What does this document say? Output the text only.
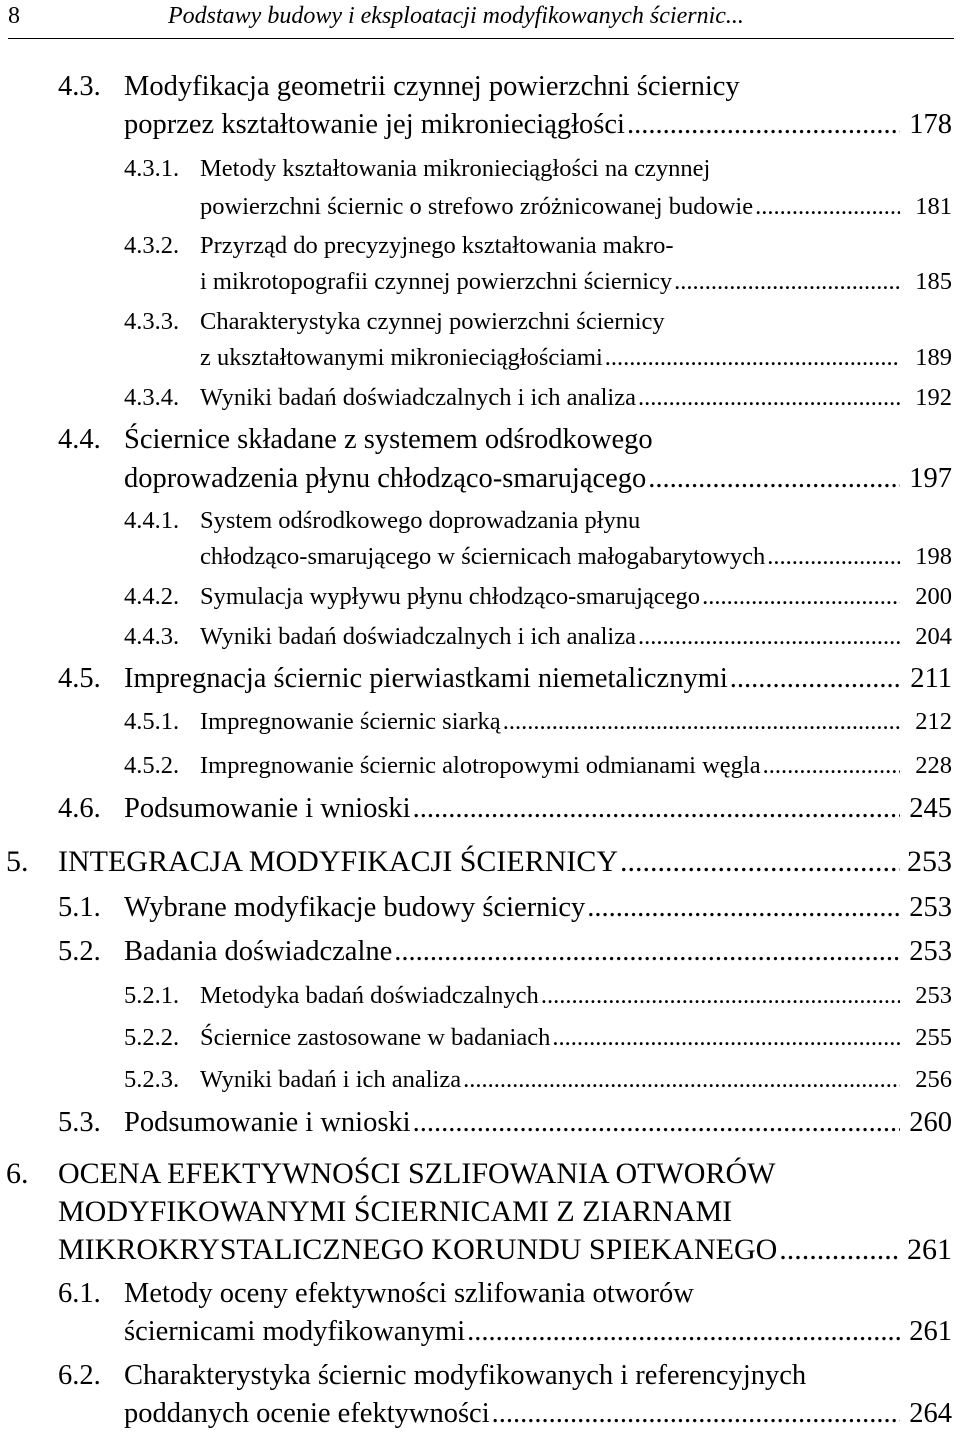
8	Podstawy budowy i eksploatacji modyfikowanych ściernic...
4.3. Modyfikacja geometrii czynnej powierzchni ściernicy
poprzez kształtowanie jej mikronieciągłości	178
.....
4.3.1. Metody kształtowania mikronieciągłości na czynnej
powierzchni ściernic o strefowo zróżnicowanej budowie	181
.....
4.3.2. Przyrząd do precyzyjnego kształtowania makro-
i mikrotopografii czynnej powierzchni ściernicy	185
.....
4.3.3. Charakterystyka czynnej powierzchni ściernicy
z ukształtowanymi mikronieciągłościami	189
.....
4.3.4. Wyniki badań doświadczalnych i ich analiza	192
.....
4.4. Ściernice składane z systemem odśrodkowego
doprowadzenia płynu chłodząco-smarującego	197
.....
4.4.1. System odśrodkowego doprowadzania płynu
chłodząco-smarującego w ściernicach małogabarytowych	198
.....
4.4.2. Symulacja wypływu płynu chłodząco-smarującego	200
.....
4.4.3. Wyniki badań doświadczalnych i ich analiza	204
.....
4.5. Impregnacja ściernic pierwiastkami niemetalicznymi	211
.....
4.5.1. Impregnowanie ściernic siarką	212
.....
4.5.2. Impregnowanie ściernic alotropowymi odmianami węgla	228
.....
4.6. Podsumowanie i wnioski	245
.....
5. INTEGRACJA MODYFIKACJI ŚCIERNICY	253
.....
5.1. Wybrane modyfikacje budowy ściernicy	253
.....
5.2. Badania doświadczalne	253
.....
5.2.1. Metodyka badań doświadczalnych	253
.....
5.2.2. Ściernice zastosowane w badaniach	255
.....
5.2.3. Wyniki badań i ich analiza	256
.....
5.3. Podsumowanie i wnioski	260
.....
6. OCENA EFEKTYWNOŚCI SZLIFOWANIA OTWORÓW
MODYFIKOWANYMI ŚCIERNICAMI Z ZIARNAMI
MIKROKRYSTALICZNEGO KORUNDU SPIEKANEGO	261
.....
6.1. Metody oceny efektywności szlifowania otworów
ściernicami modyfikowanymi	261
.....
6.2. Charakterystyka ściernic modyfikowanych i referencyjnych
poddanych ocenie efektywności	264
.....
